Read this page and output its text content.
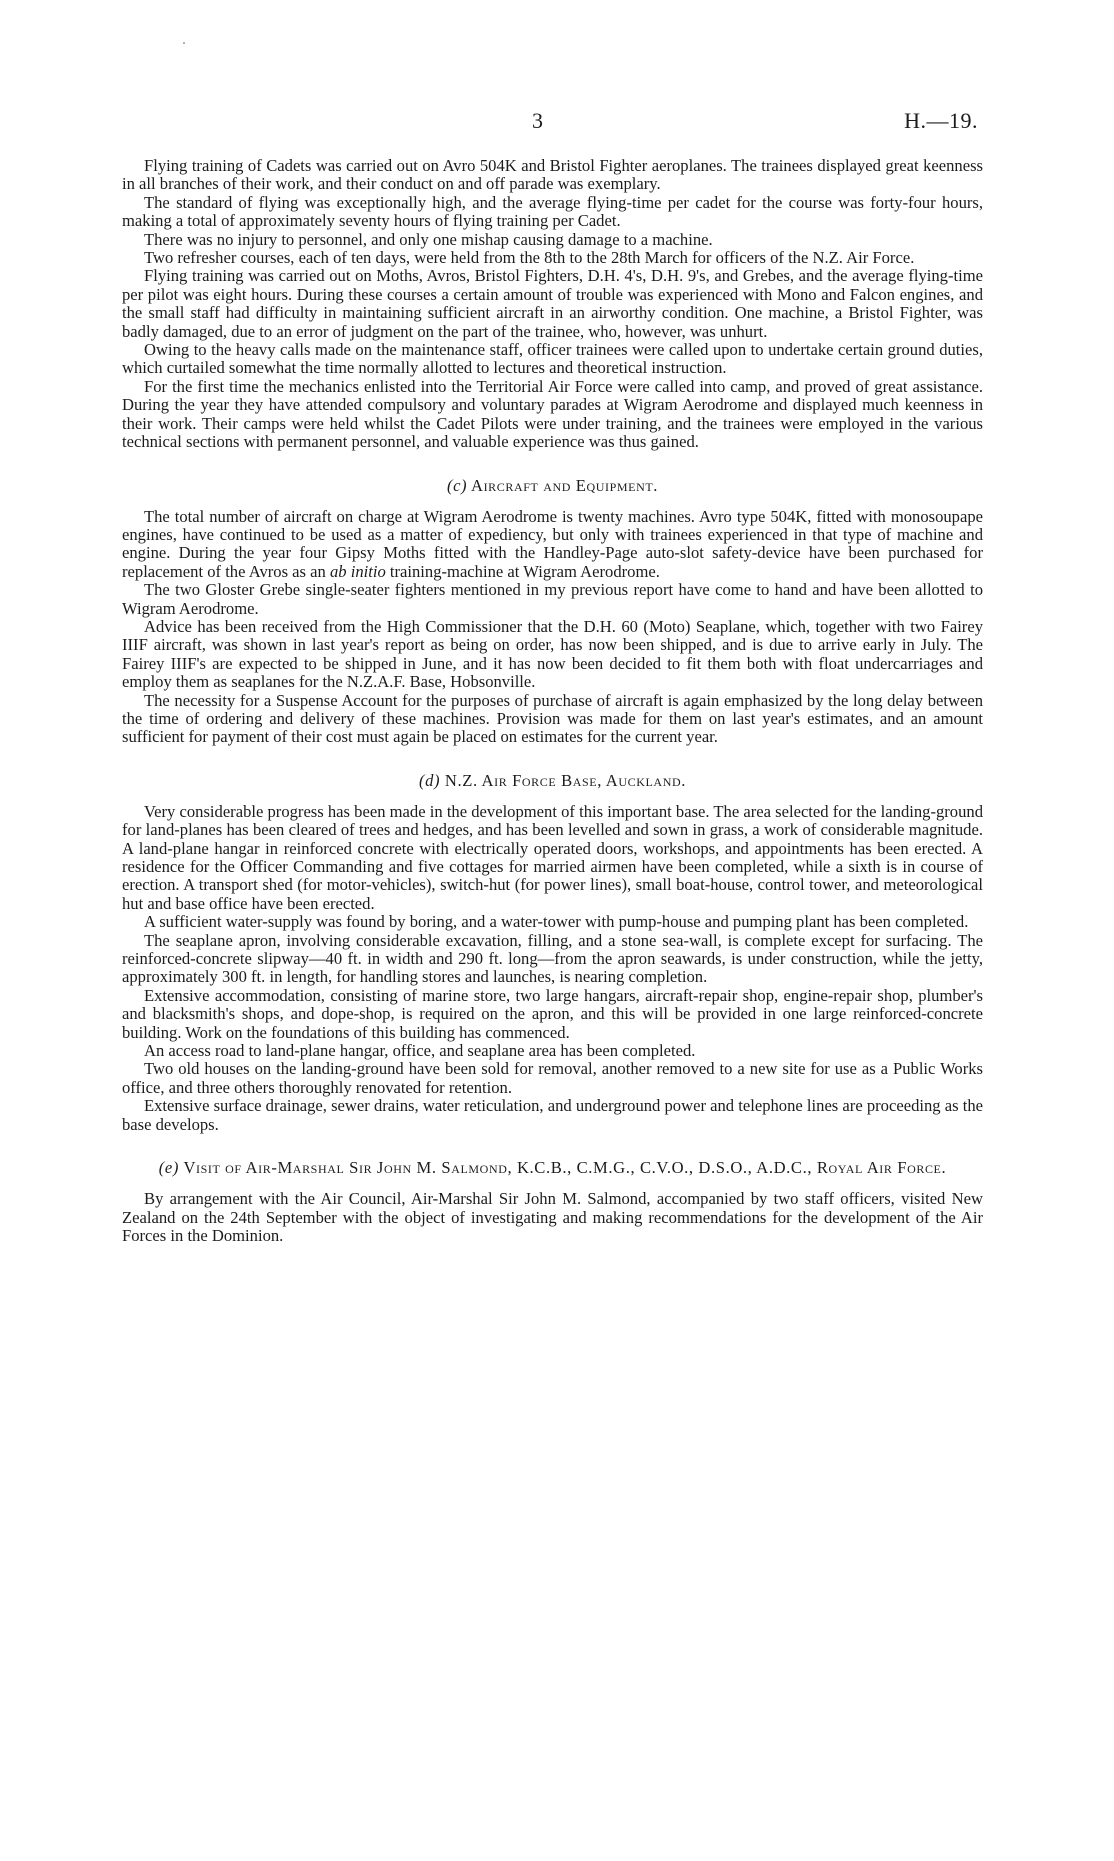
3	H.—19.

Flying training of Cadets was carried out on Avro 504K and Bristol Fighter aeroplanes. The trainees displayed great keenness in all branches of their work, and their conduct on and off parade was exemplary.

The standard of flying was exceptionally high, and the average flying-time per cadet for the course was forty-four hours, making a total of approximately seventy hours of flying training per Cadet.

There was no injury to personnel, and only one mishap causing damage to a machine.

Two refresher courses, each of ten days, were held from the 8th to the 28th March for officers of the N.Z. Air Force.

Flying training was carried out on Moths, Avros, Bristol Fighters, D.H. 4's, D.H. 9's, and Grebes, and the average flying-time per pilot was eight hours. During these courses a certain amount of trouble was experienced with Mono and Falcon engines, and the small staff had difficulty in maintaining sufficient aircraft in an airworthy condition. One machine, a Bristol Fighter, was badly damaged, due to an error of judgment on the part of the trainee, who, however, was unhurt.

Owing to the heavy calls made on the maintenance staff, officer trainees were called upon to undertake certain ground duties, which curtailed somewhat the time normally allotted to lectures and theoretical instruction.

For the first time the mechanics enlisted into the Territorial Air Force were called into camp, and proved of great assistance. During the year they have attended compulsory and voluntary parades at Wigram Aerodrome and displayed much keenness in their work. Their camps were held whilst the Cadet Pilots were under training, and the trainees were employed in the various technical sections with permanent personnel, and valuable experience was thus gained.

(c) Aircraft and Equipment.

The total number of aircraft on charge at Wigram Aerodrome is twenty machines. Avro type 504K, fitted with monosoupape engines, have continued to be used as a matter of expediency, but only with trainees experienced in that type of machine and engine. During the year four Gipsy Moths fitted with the Handley-Page auto-slot safety-device have been purchased for replacement of the Avros as an ab initio training-machine at Wigram Aerodrome.

The two Gloster Grebe single-seater fighters mentioned in my previous report have come to hand and have been allotted to Wigram Aerodrome.

Advice has been received from the High Commissioner that the D.H. 60 (Moto) Seaplane, which, together with two Fairey IIIF aircraft, was shown in last year's report as being on order, has now been shipped, and is due to arrive early in July. The Fairey IIIF's are expected to be shipped in June, and it has now been decided to fit them both with float undercarriages and employ them as seaplanes for the N.Z.A.F. Base, Hobsonville.

The necessity for a Suspense Account for the purposes of purchase of aircraft is again emphasized by the long delay between the time of ordering and delivery of these machines. Provision was made for them on last year's estimates, and an amount sufficient for payment of their cost must again be placed on estimates for the current year.

(d) N.Z. Air Force Base, Auckland.

Very considerable progress has been made in the development of this important base. The area selected for the landing-ground for land-planes has been cleared of trees and hedges, and has been levelled and sown in grass, a work of considerable magnitude. A land-plane hangar in reinforced concrete with electrically operated doors, workshops, and appointments has been erected. A residence for the Officer Commanding and five cottages for married airmen have been completed, while a sixth is in course of erection. A transport shed (for motor-vehicles), switch-hut (for power lines), small boat-house, control tower, and meteorological hut and base office have been erected.

A sufficient water-supply was found by boring, and a water-tower with pump-house and pumping plant has been completed.

The seaplane apron, involving considerable excavation, filling, and a stone sea-wall, is complete except for surfacing. The reinforced-concrete slipway—40 ft. in width and 290 ft. long—from the apron seawards, is under construction, while the jetty, approximately 300 ft. in length, for handling stores and launches, is nearing completion.

Extensive accommodation, consisting of marine store, two large hangars, aircraft-repair shop, engine-repair shop, plumber's and blacksmith's shops, and dope-shop, is required on the apron, and this will be provided in one large reinforced-concrete building. Work on the foundations of this building has commenced.

An access road to land-plane hangar, office, and seaplane area has been completed.

Two old houses on the landing-ground have been sold for removal, another removed to a new site for use as a Public Works office, and three others thoroughly renovated for retention.

Extensive surface drainage, sewer drains, water reticulation, and underground power and telephone lines are proceeding as the base develops.

(e) Visit of Air-Marshal Sir John M. Salmond, K.C.B., C.M.G., C.V.O., D.S.O., A.D.C., Royal Air Force.

By arrangement with the Air Council, Air-Marshal Sir John M. Salmond, accompanied by two staff officers, visited New Zealand on the 24th September with the object of investigating and making recommendations for the development of the Air Forces in the Dominion.
